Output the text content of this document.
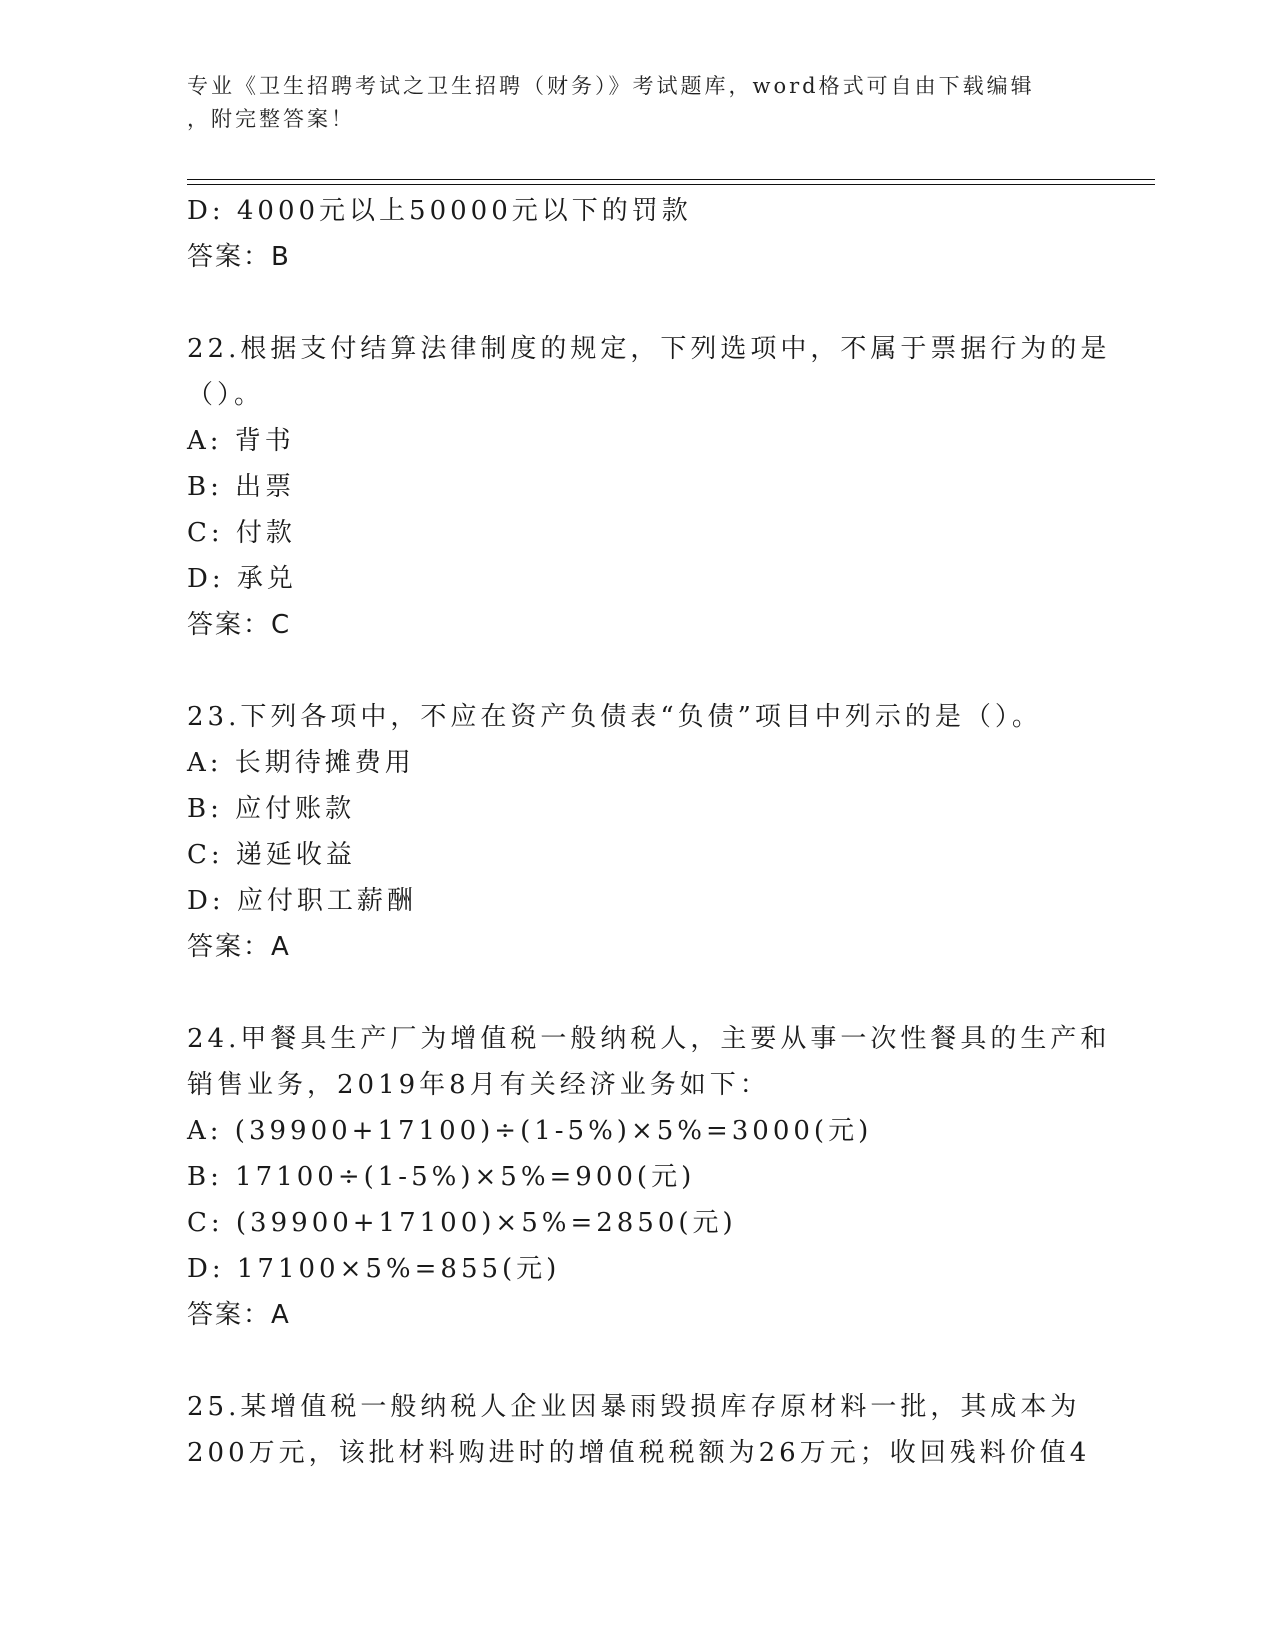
专业《卫生招聘考试之卫生招聘（财务）》考试题库，word格式可自由下载编辑
，附完整答案！
D: 4000元以上50000元以下的罚款
答案：B
22.根据支付结算法律制度的规定，下列选项中，不属于票据行为的是
（）。
A: 背书
B: 出票
C: 付款
D: 承兑
答案：C
23.下列各项中，不应在资产负债表“负债”项目中列示的是（）。
A: 长期待摊费用
B: 应付账款
C: 递延收益
D: 应付职工薪酬
答案：A
24.甲餐具生产厂为增值税一般纳税人，主要从事一次性餐具的生产和
销售业务，2019年8月有关经济业务如下：
A: (39900+17100)÷(1-5%)×5%=3000(元)
B: 17100÷(1-5%)×5%=900(元)
C: (39900+17100)×5%=2850(元)
D: 17100×5%=855(元)
答案：A
25.某增值税一般纳税人企业因暴雨毁损库存原材料一批，其成本为
200万元，该批材料购进时的增值税税额为26万元；收回残料价值4
